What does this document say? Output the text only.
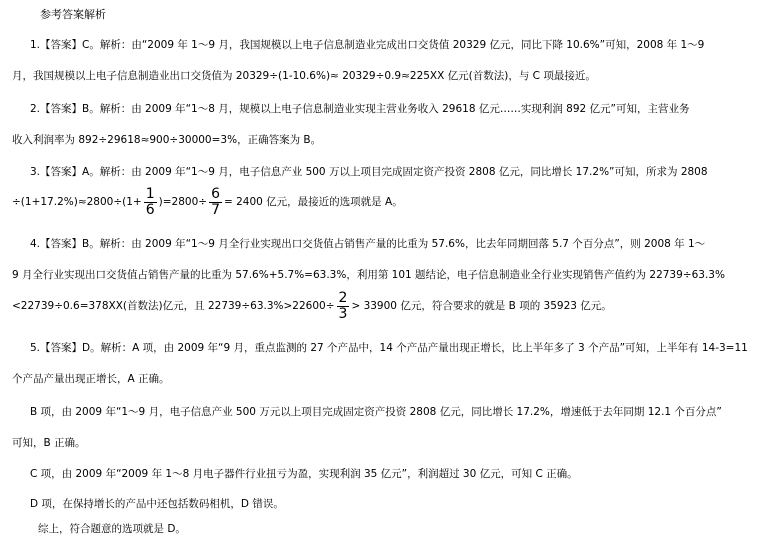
参考答案解析
1.【答案】C。解析：由“2009 年 1～9 月，我国规模以上电子信息制造业完成出口交货值 20329 亿元，同比下降 10.6%”可知，2008 年 1～9
月，我国规模以上电子信息制造业出口交货值为 20329÷(1-10.6%)≈ 20329÷0.9≈225XX 亿元(首数法)，与 C 项最接近。
2.【答案】B。解析：由 2009 年“1～8 月，规模以上电子信息制造业实现主营业务收入 29618 亿元……实现利润 892 亿元”可知，主营业务
收入利润率为 892÷29618≈900÷30000=3%，正确答案为 B。
3.【答案】A。解析：由 2009 年“1～9 月，电子信息产业 500 万以上项目完成固定资产投资 2808 亿元，同比增长 17.2%”可知，所求为 2808
$\div(1+17.2\%)\approx 2800\div(1+ \frac{1}{6} )=2800\div \frac{6}{7} = 2400$ 亿元，最接近的选项就是 A。
4.【答案】B。解析：由 2009 年“1～9 月全行业实现出口交货值占销售产量的比重为 57.6%，比去年同期回落 5.7 个百分点”，则 2008 年 1～
9 月全行业实现出口交货值占销售产量的比重为 57.6%+5.7%=63.3%，利用第 101 题结论，电子信息制造业全行业实现销售产值约为 22739÷63.3%
<22739÷0.6=378XX(首数法)亿元，且 $22739\div 63.3\%>22600\div \frac{2}{3} > 33900$ 亿元，符合要求的就是 B 项的 35923 亿元。
5.【答案】D。解析：A 项，由 2009 年“9 月，重点监测的 27 个产品中，14 个产品产量出现正增长，比上半年多了 3 个产品”可知，上半年有 14-3=11
个产品产量出现正增长，A 正确。
B 项，由 2009 年“1～9 月，电子信息产业 500 万元以上项目完成固定资产投资 2808 亿元，同比增长 17.2%，增速低于去年同期 12.1 个百分点”
可知，B 正确。
C 项，由 2009 年“2009 年 1～8 月电子器件行业扭亏为盈，实现利润 35 亿元”，利润超过 30 亿元，可知 C 正确。
D 项，在保持增长的产品中还包括数码相机，D 错误。
综上，符合题意的选项就是 D。
